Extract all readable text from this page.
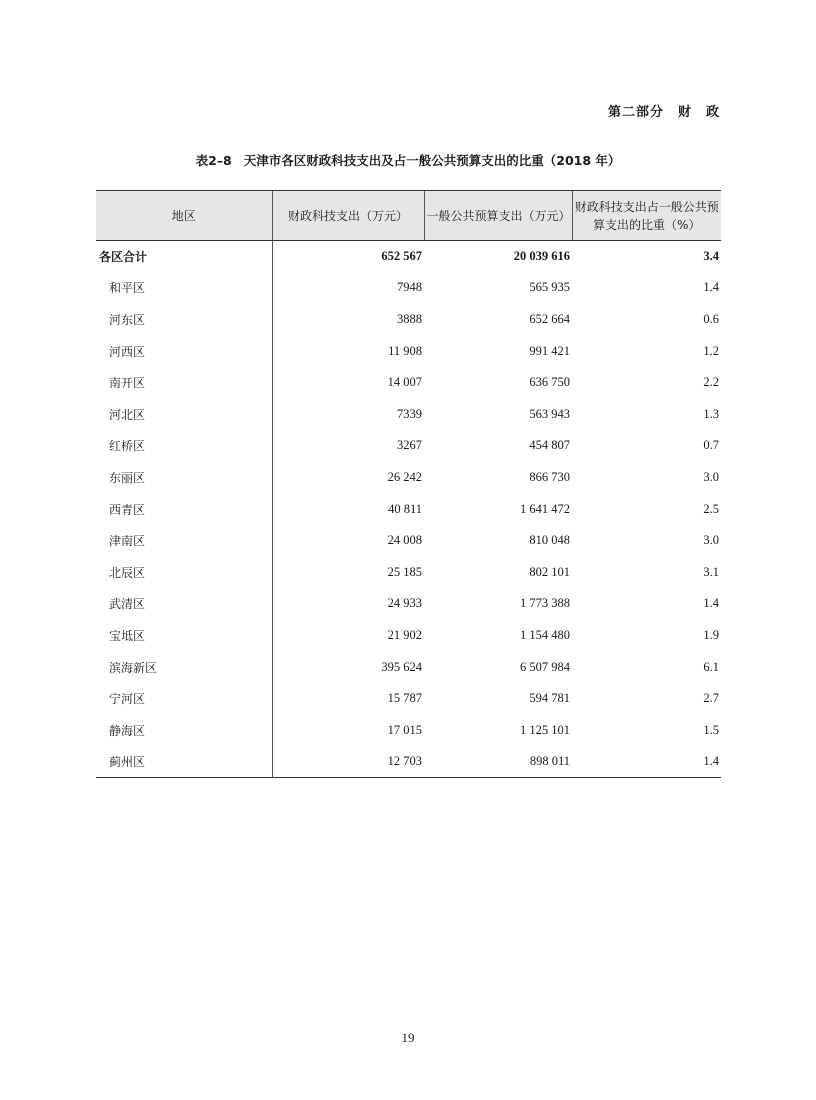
第二部分　财　政
表2–8 天津市各区财政科技支出及占一般公共预算支出的比重（2018 年）
地区	财政科技支出（万元）	一般公共预算支出（万元）	财政科技支出占一般公共预算支出的比重（%）
各区合计	652 567	20 039 616	3.4
和平区	7948	565 935	1.4
河东区	3888	652 664	0.6
河西区	11 908	991 421	1.2
南开区	14 007	636 750	2.2
河北区	7339	563 943	1.3
红桥区	3267	454 807	0.7
东丽区	26 242	866 730	3.0
西青区	40 811	1 641 472	2.5
津南区	24 008	810 048	3.0
北辰区	25 185	802 101	3.1
武清区	24 933	1 773 388	1.4
宝坻区	21 902	1 154 480	1.9
滨海新区	395 624	6 507 984	6.1
宁河区	15 787	594 781	2.7
静海区	17 015	1 125 101	1.5
蓟州区	12 703	898 011	1.4
19
